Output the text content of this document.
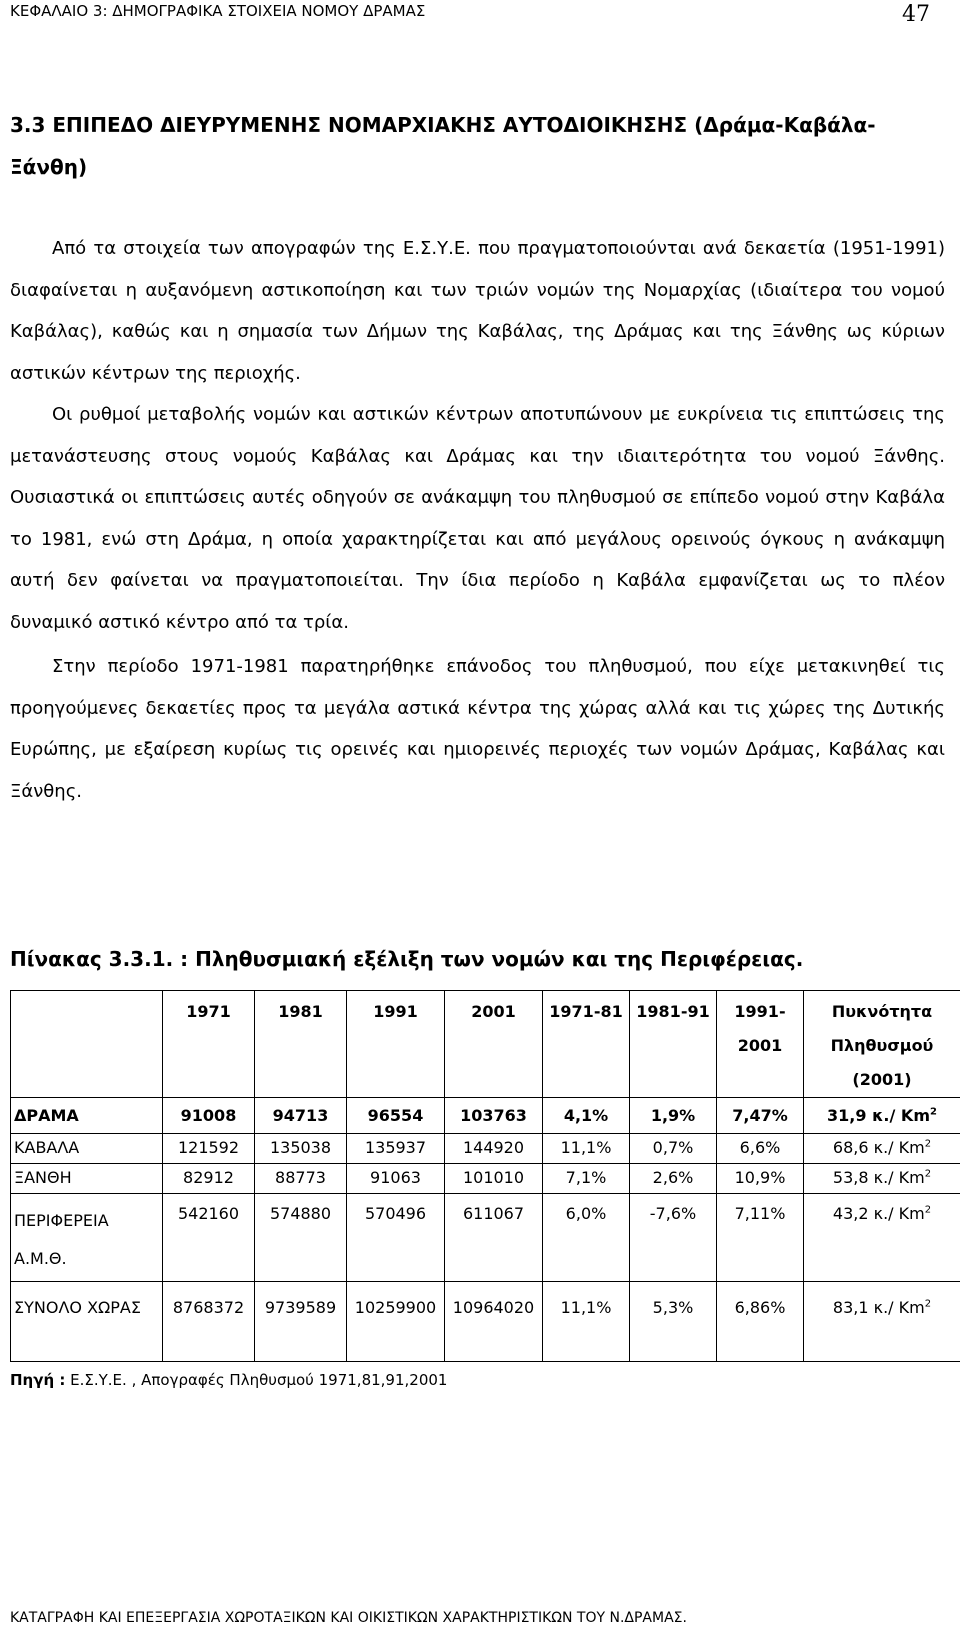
ΚΕΦΑΛΑΙΟ 3: ΔΗΜΟΓΡΑΦΙΚΑ ΣΤΟΙΧΕΙΑ ΝΟΜΟΥ ΔΡΑΜΑΣ	47
3.3 ΕΠΙΠΕΔΟ ΔΙΕΥΡΥΜΕΝΗΣ ΝΟΜΑΡΧΙΑΚΗΣ ΑΥΤΟΔΙΟΙΚΗΣΗΣ (Δράμα-Καβάλα-Ξάνθη)

Από τα στοιχεία των απογραφών της Ε.Σ.Υ.Ε. που πραγματοποιούνται ανά δεκαετία (1951-1991) διαφαίνεται η αυξανόμενη αστικοποίηση και των τριών νομών της Νομαρχίας (ιδιαίτερα του νομού Καβάλας), καθώς και η σημασία των Δήμων της Καβάλας, της Δράμας και της Ξάνθης ως κύριων αστικών κέντρων της περιοχής.

Οι ρυθμοί μεταβολής νομών και αστικών κέντρων αποτυπώνουν με ευκρίνεια τις επιπτώσεις της μετανάστευσης στους νομούς Καβάλας και Δράμας και την ιδιαιτερότητα του νομού Ξάνθης. Ουσιαστικά οι επιπτώσεις αυτές οδηγούν σε ανάκαμψη του πληθυσμού σε επίπεδο νομού στην Καβάλα το 1981, ενώ στη Δράμα, η οποία χαρακτηρίζεται και από μεγάλους ορεινούς όγκους η ανάκαμψη αυτή δεν φαίνεται να πραγματοποιείται. Την ίδια περίοδο η Καβάλα εμφανίζεται ως το πλέον δυναμικό αστικό κέντρο από τα τρία.

Στην περίοδο 1971-1981 παρατηρήθηκε επάνοδος του πληθυσμού, που είχε μετακινηθεί τις προηγούμενες δεκαετίες προς τα μεγάλα αστικά κέντρα της χώρας αλλά και τις χώρες της Δυτικής Ευρώπης, με εξαίρεση κυρίως τις ορεινές και ημιορεινές περιοχές των νομών Δράμας, Καβάλας και Ξάνθης.

Πίνακας 3.3.1. : Πληθυσμιακή εξέλιξη των νομών και της Περιφέρειας.
	1971	1981	1991	2001	1971-81	1981-91	1991-2001	Πυκνότητα Πληθυσμού (2001)
ΔΡΑΜΑ	91008	94713	96554	103763	4,1%	1,9%	7,47%	31,9 κ./ Km$^2$
ΚΑΒΑΛΑ	121592	135038	135937	144920	11,1%	0,7%	6,6%	68,6 κ./ Km$^2$
ΞΑΝΘΗ	82912	88773	91063	101010	7,1%	2,6%	10,9%	53,8 κ./ Km$^2$
ΠΕΡΙΦΕΡΕΙΑ Α.Μ.Θ.	542160	574880	570496	611067	6,0%	-7,6%	7,11%	43,2 κ./ Km$^2$
ΣΥΝΟΛΟ ΧΩΡΑΣ	8768372	9739589	10259900	10964020	11,1%	5,3%	6,86%	83,1 κ./ Km$^2$
Πηγή : Ε.Σ.Υ.Ε. , Απογραφές Πληθυσμού 1971,81,91,2001
ΚΑΤΑΓΡΑΦΗ ΚΑΙ ΕΠΕΞΕΡΓΑΣΙΑ ΧΩΡΟΤΑΞΙΚΩΝ ΚΑΙ ΟΙΚΙΣΤΙΚΩΝ ΧΑΡΑΚΤΗΡΙΣΤΙΚΩΝ ΤΟΥ Ν.ΔΡΑΜΑΣ.
